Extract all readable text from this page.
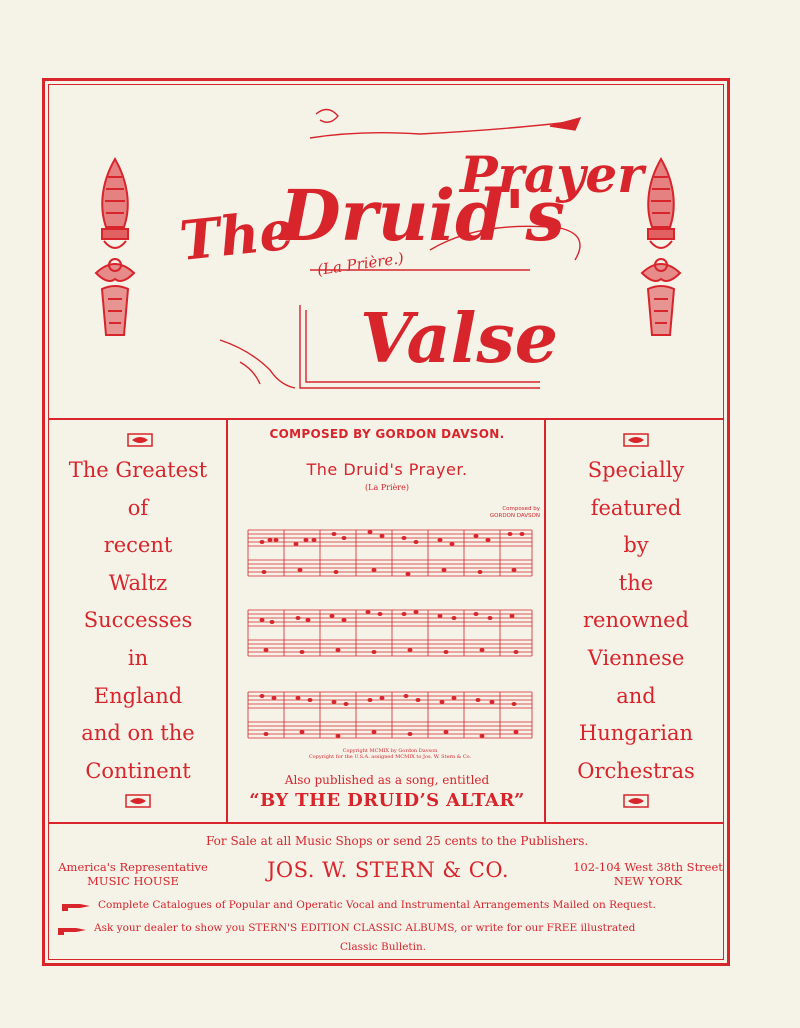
The
Druid's
Prayer
(La Prière.)
Valse
The Greatest
of
recent
Waltz
Successes
in
England
and on the
Continent
Specially
featured
by
the
renowned
Viennese
and
Hungarian
Orchestras
COMPOSED BY GORDON DAVSON.
The Druid's Prayer.
(La Prière)
Composed by
GORDON DAVSON
Copyright MCMIX by Gordon Davson
Copyright for the U.S.A. assigned MCMIX to Jos. W. Stern & Co.
Also published as a song, entitled
“BY THE DRUID’S ALTAR”
For Sale at all Music Shops or send 25 cents to the Publishers.
America's Representative
MUSIC HOUSE	JOS. W. STERN & CO.	102-104 West 38th Street
NEW YORK
Complete Catalogues of Popular and Operatic Vocal and Instrumental Arrangements Mailed on Request.
Ask your dealer to show you STERN'S EDITION CLASSIC ALBUMS, or write for our FREE illustrated
Classic Bulletin.
